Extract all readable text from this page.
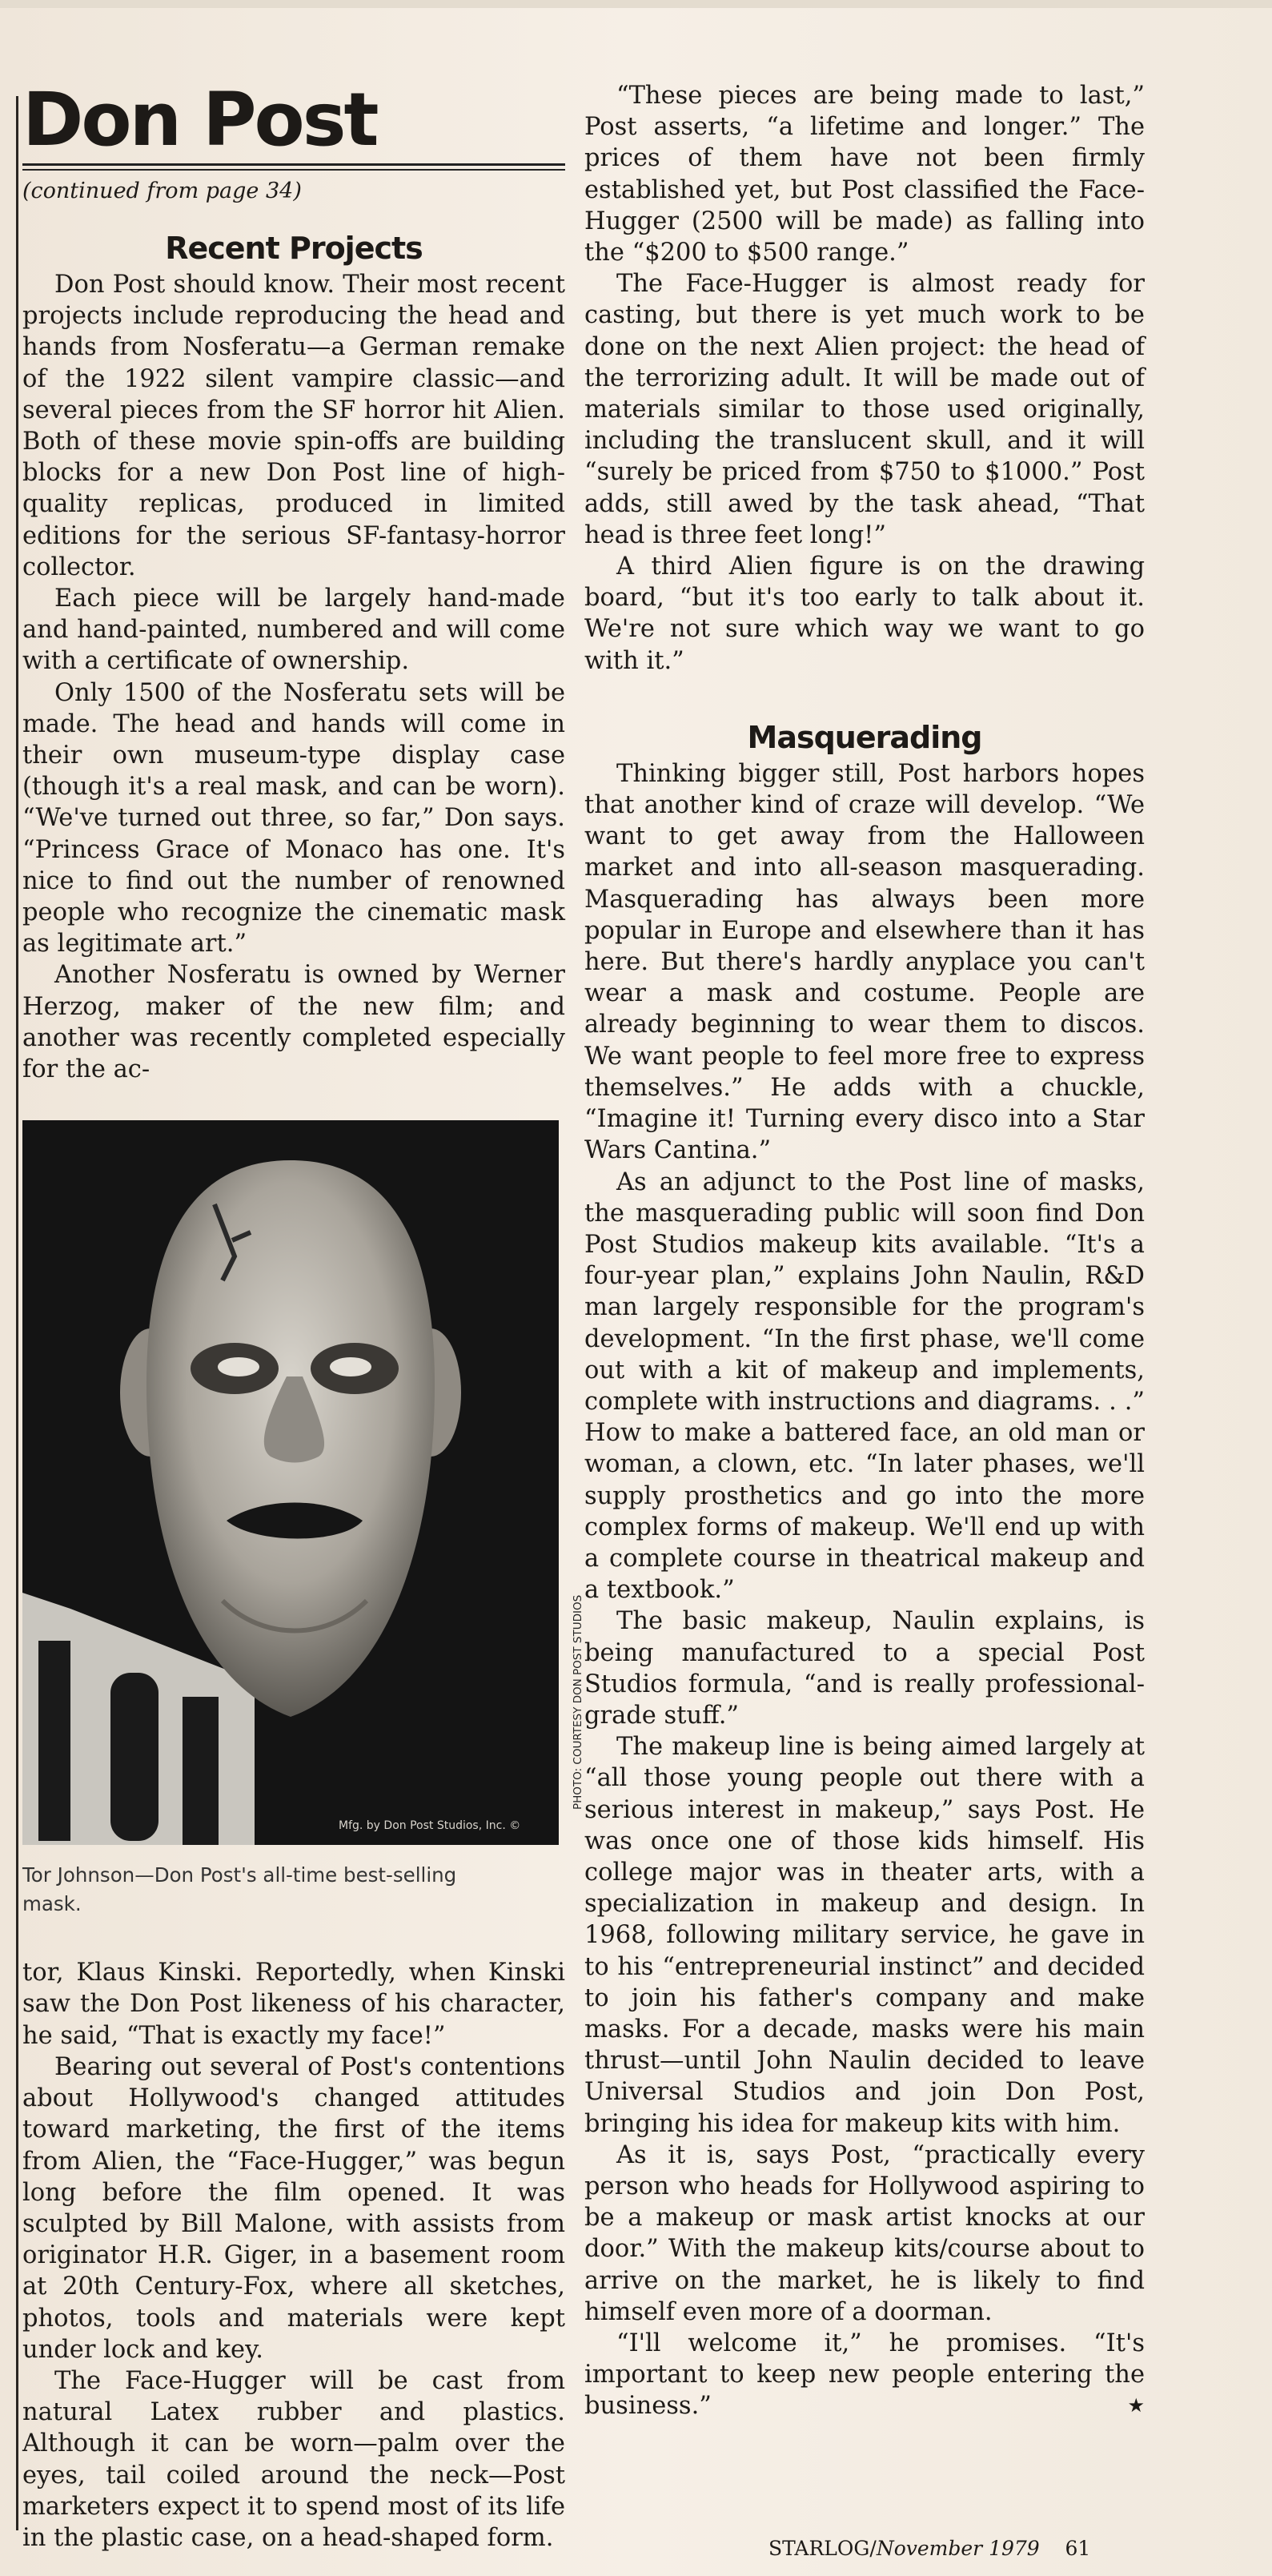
Don Post
(continued from page 34)
Recent Projects

Don Post should know. Their most recent projects include reproducing the head and hands from Nosferatu—a German remake of the 1922 silent vampire classic—and several pieces from the SF horror hit Alien. Both of these movie spin-offs are building blocks for a new Don Post line of high-quality replicas, produced in limited editions for the serious SF-fantasy-horror collector.

Each piece will be largely hand-made and hand-painted, numbered and will come with a certificate of ownership.

Only 1500 of the Nosferatu sets will be made. The head and hands will come in their own museum-type display case (though it's a real mask, and can be worn). “We've turned out three, so far,” Don says. “Princess Grace of Monaco has one. It's nice to find out the number of renowned people who recognize the cinematic mask as legitimate art.”

Another Nosferatu is owned by Werner Herzog, maker of the new film; and another was recently completed especially for the ac-

Mfg. by Don Post Studios, Inc. ©
Tor Johnson—Don Post's all-time best-selling mask.

tor, Klaus Kinski. Reportedly, when Kinski saw the Don Post likeness of his character, he said, “That is exactly my face!”

Bearing out several of Post's contentions about Hollywood's changed attitudes toward marketing, the first of the items from Alien, the “Face-Hugger,” was begun long before the film opened. It was sculpted by Bill Malone, with assists from originator H.R. Giger, in a basement room at 20th Century-Fox, where all sketches, photos, tools and materials were kept under lock and key.

The Face-Hugger will be cast from natural Latex rubber and plastics. Although it can be worn—palm over the eyes, tail coiled around the neck—Post marketers expect it to spend most of its life in the plastic case, on a head-shaped form.

PHOTO: COURTESY DON POST STUDIOS

“These pieces are being made to last,” Post asserts, “a lifetime and longer.” The prices of them have not been firmly established yet, but Post classified the Face-Hugger (2500 will be made) as falling into the “$200 to $500 range.”

The Face-Hugger is almost ready for casting, but there is yet much work to be done on the next Alien project: the head of the terrorizing adult. It will be made out of materials similar to those used originally, including the translucent skull, and it will “surely be priced from $750 to $1000.” Post adds, still awed by the task ahead, “That head is three feet long!”

A third Alien figure is on the drawing board, “but it's too early to talk about it. We're not sure which way we want to go with it.”

Masquerading

Thinking bigger still, Post harbors hopes that another kind of craze will develop. “We want to get away from the Halloween market and into all-season masquerading. Masquerading has always been more popular in Europe and elsewhere than it has here. But there's hardly anyplace you can't wear a mask and costume. People are already beginning to wear them to discos. We want people to feel more free to express themselves.” He adds with a chuckle, “Imagine it! Turning every disco into a Star Wars Cantina.”

As an adjunct to the Post line of masks, the masquerading public will soon find Don Post Studios makeup kits available. “It's a four-year plan,” explains John Naulin, R&D man largely responsible for the program's development. “In the first phase, we'll come out with a kit of makeup and implements, complete with instructions and diagrams. . .” How to make a battered face, an old man or woman, a clown, etc. “In later phases, we'll supply prosthetics and go into the more complex forms of makeup. We'll end up with a complete course in theatrical makeup and a textbook.”

The basic makeup, Naulin explains, is being manufactured to a special Post Studios formula, “and is really professional-grade stuff.”

The makeup line is being aimed largely at “all those young people out there with a serious interest in makeup,” says Post. He was once one of those kids himself. His college major was in theater arts, with a specialization in makeup and design. In 1968, following military service, he gave in to his “entrepreneurial instinct” and decided to join his father's company and make masks. For a decade, masks were his main thrust—until John Naulin decided to leave Universal Studios and join Don Post, bringing his idea for makeup kits with him.

As it is, says Post, “practically every person who heads for Hollywood aspiring to be a makeup or mask artist knocks at our door.” With the makeup kits/course about to arrive on the market, he is likely to find himself even more of a doorman.

“I'll welcome it,” he promises. “It's important to keep new people entering the business.”	★

STARLOG/November 1979 61
